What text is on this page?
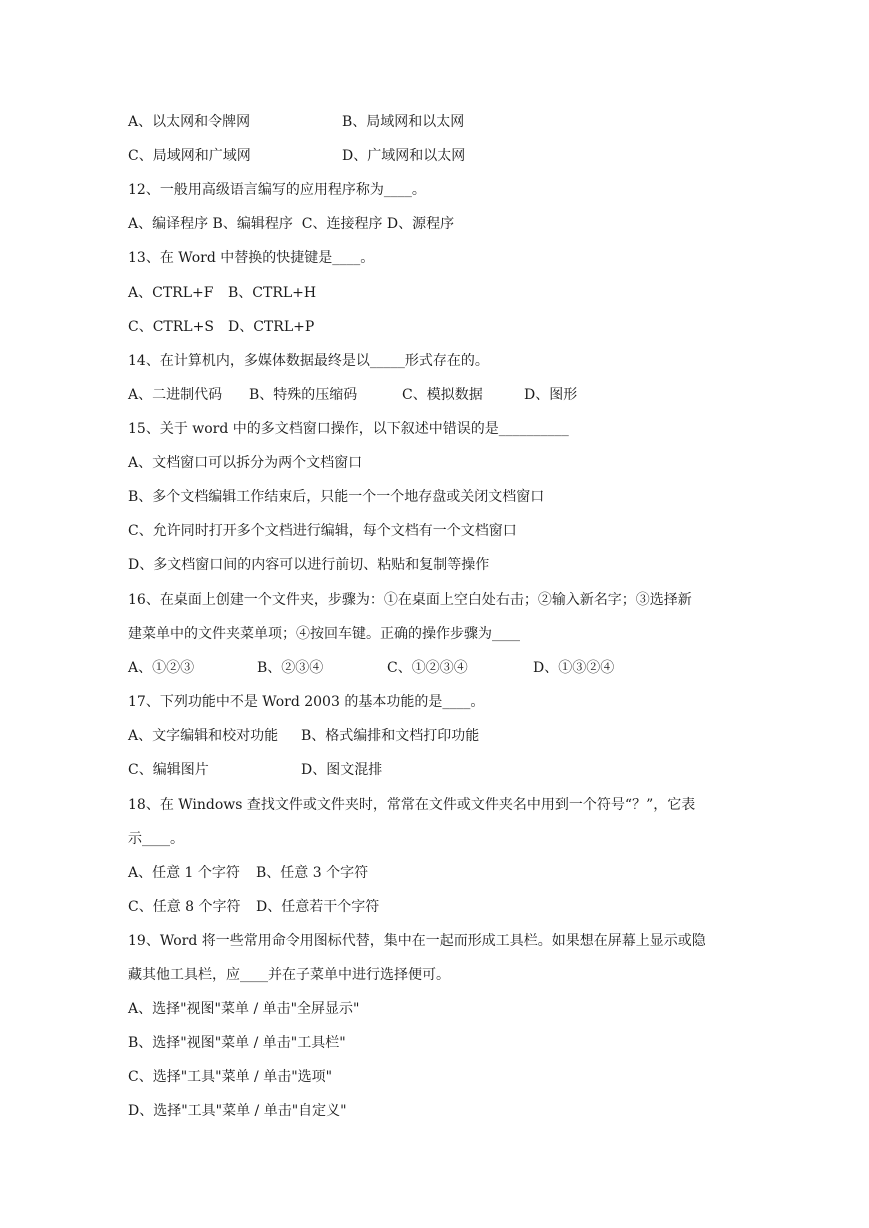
A、以太网和令牌网

	B、局域网和以太网

C、局域网和广域网

	D、广域网和以太网

12、一般用高级语言编写的应用程序称为____。
A、编译程序 B、编辑程序  C、连接程序 D、源程序
13、在 Word 中替换的快捷键是____。

A、CTRL+F

B、CTRL+H

C、CTRL+S

D、CTRL+P

14、在计算机内，多媒体数据最终是以_____形式存在的。

A、二进制代码

B、特殊的压缩码

	C、模拟数据

	D、图形

15、关于 word 中的多文档窗口操作，以下叙述中错误的是__________
A、文档窗口可以拆分为两个文档窗口
B、多个文档编辑工作结束后，只能一个一个地存盘或关闭文档窗口
C、允许同时打开多个文档进行编辑，每个文档有一个文档窗口
D、多文档窗口间的内容可以进行前切、粘贴和复制等操作
16、在桌面上创建一个文件夹，步骤为：①在桌面上空白处右击；②输入新名字；③选择新
建菜单中的文件夹菜单项；④按回车键。正确的操作步骤为____

A、①②③

	B、②③④

	C、①②③④

	D、①③②④

17、下列功能中不是 Word 2003 的基本功能的是____。

A、文字编辑和校对功能

B、格式编排和文档打印功能

C、编辑图片

	D、图文混排

18、在 Windows 查找文件或文件夹时，常常在文件或文件夹名中用到一个符号“？”，它表
示____。

A、任意 1 个字符

B、任意 3 个字符

C、任意 8 个字符

D、任意若干个字符

19、Word 将一些常用命令用图标代替，集中在一起而形成工具栏。如果想在屏幕上显示或隐
藏其他工具栏，应____并在子菜单中进行选择便可。
A、选择"视图"菜单 / 单击"全屏显示"
B、选择"视图"菜单 / 单击"工具栏"
C、选择"工具"菜单 / 单击"选项"
D、选择"工具"菜单 / 单击"自定义"
